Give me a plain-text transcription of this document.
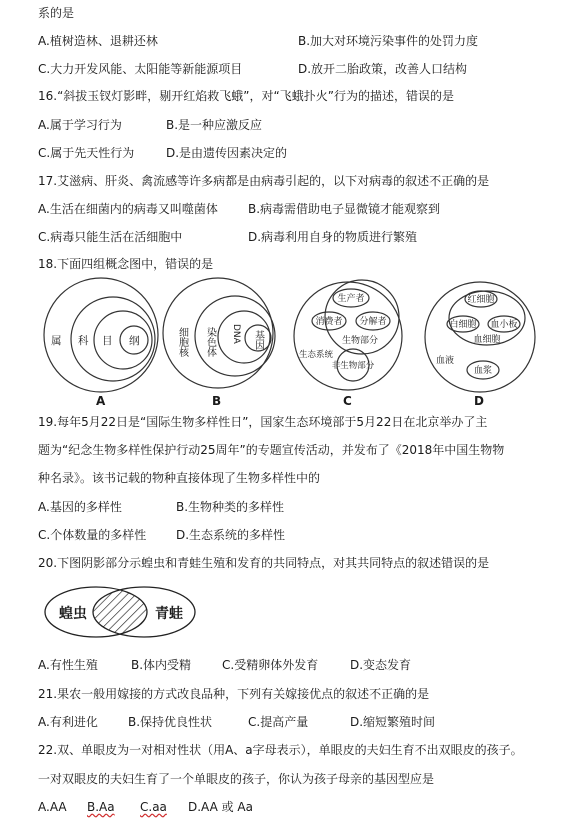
系的是
A.植树造林、退耕还林	B.加大对环境污染事件的处罚力度
C.大力开发风能、太阳能等新能源项目	D.放开二胎政策，改善人口结构
16.“斜拔玉钗灯影畔，剔开红焰救飞蛾”，对“飞蛾扑火”行为的描述，错误的是
A.属于学习行为	B.是一种应激反应
C.属于先天性行为	D.是由遗传因素决定的
17.艾滋病、肝炎、禽流感等许多病都是由病毒引起的，以下对病毒的叙述不正确的是
A.生活在细菌内的病毒又叫噬菌体	B.病毒需借助电子显微镜才能观察到
C.病毒只能生活在活细胞中	D.病毒利用自身的物质进行繁殖
18.下面四组概念图中，错误的是
属 科 目 纲
A
细胞核 染色体 DNA 基因
B
生产者
消费者 分解者
生物部分
生态系统
非生物部分
C
红细胞
白细胞 血小板
血细胞
血液
血浆
D
蝗虫	青蛙
19.每年5月22日是“国际生物多样性日”，国家生态环境部于5月22日在北京举办了主
题为“纪念生物多样性保护行动25周年”的专题宣传活动，并发布了《2018年中国生物物
种名录》。该书记载的物种直接体现了生物多样性中的
A.基因的多样性	B.生物种类的多样性
C.个体数量的多样性 D.生态系统的多样性
20.下图阴影部分示蝗虫和青蛙生殖和发育的共同特点，对其共同特点的叙述错误的是
A.有性生殖	B.体内受精	C.受精卵体外发育	D.变态发育
21.果农一般用嫁接的方式改良品种，下列有关嫁接优点的叙述不正确的是
A.有利进化	B.保持优良性状	C.提高产量	D.缩短繁殖时间
22.双、单眼皮为一对相对性状（用A、a字母表示），单眼皮的夫妇生育不出双眼皮的孩子。
一对双眼皮的夫妇生育了一个单眼皮的孩子，你认为孩子母亲的基因型应是
A.AA B.Aa C.aa D.AA 或 Aa
